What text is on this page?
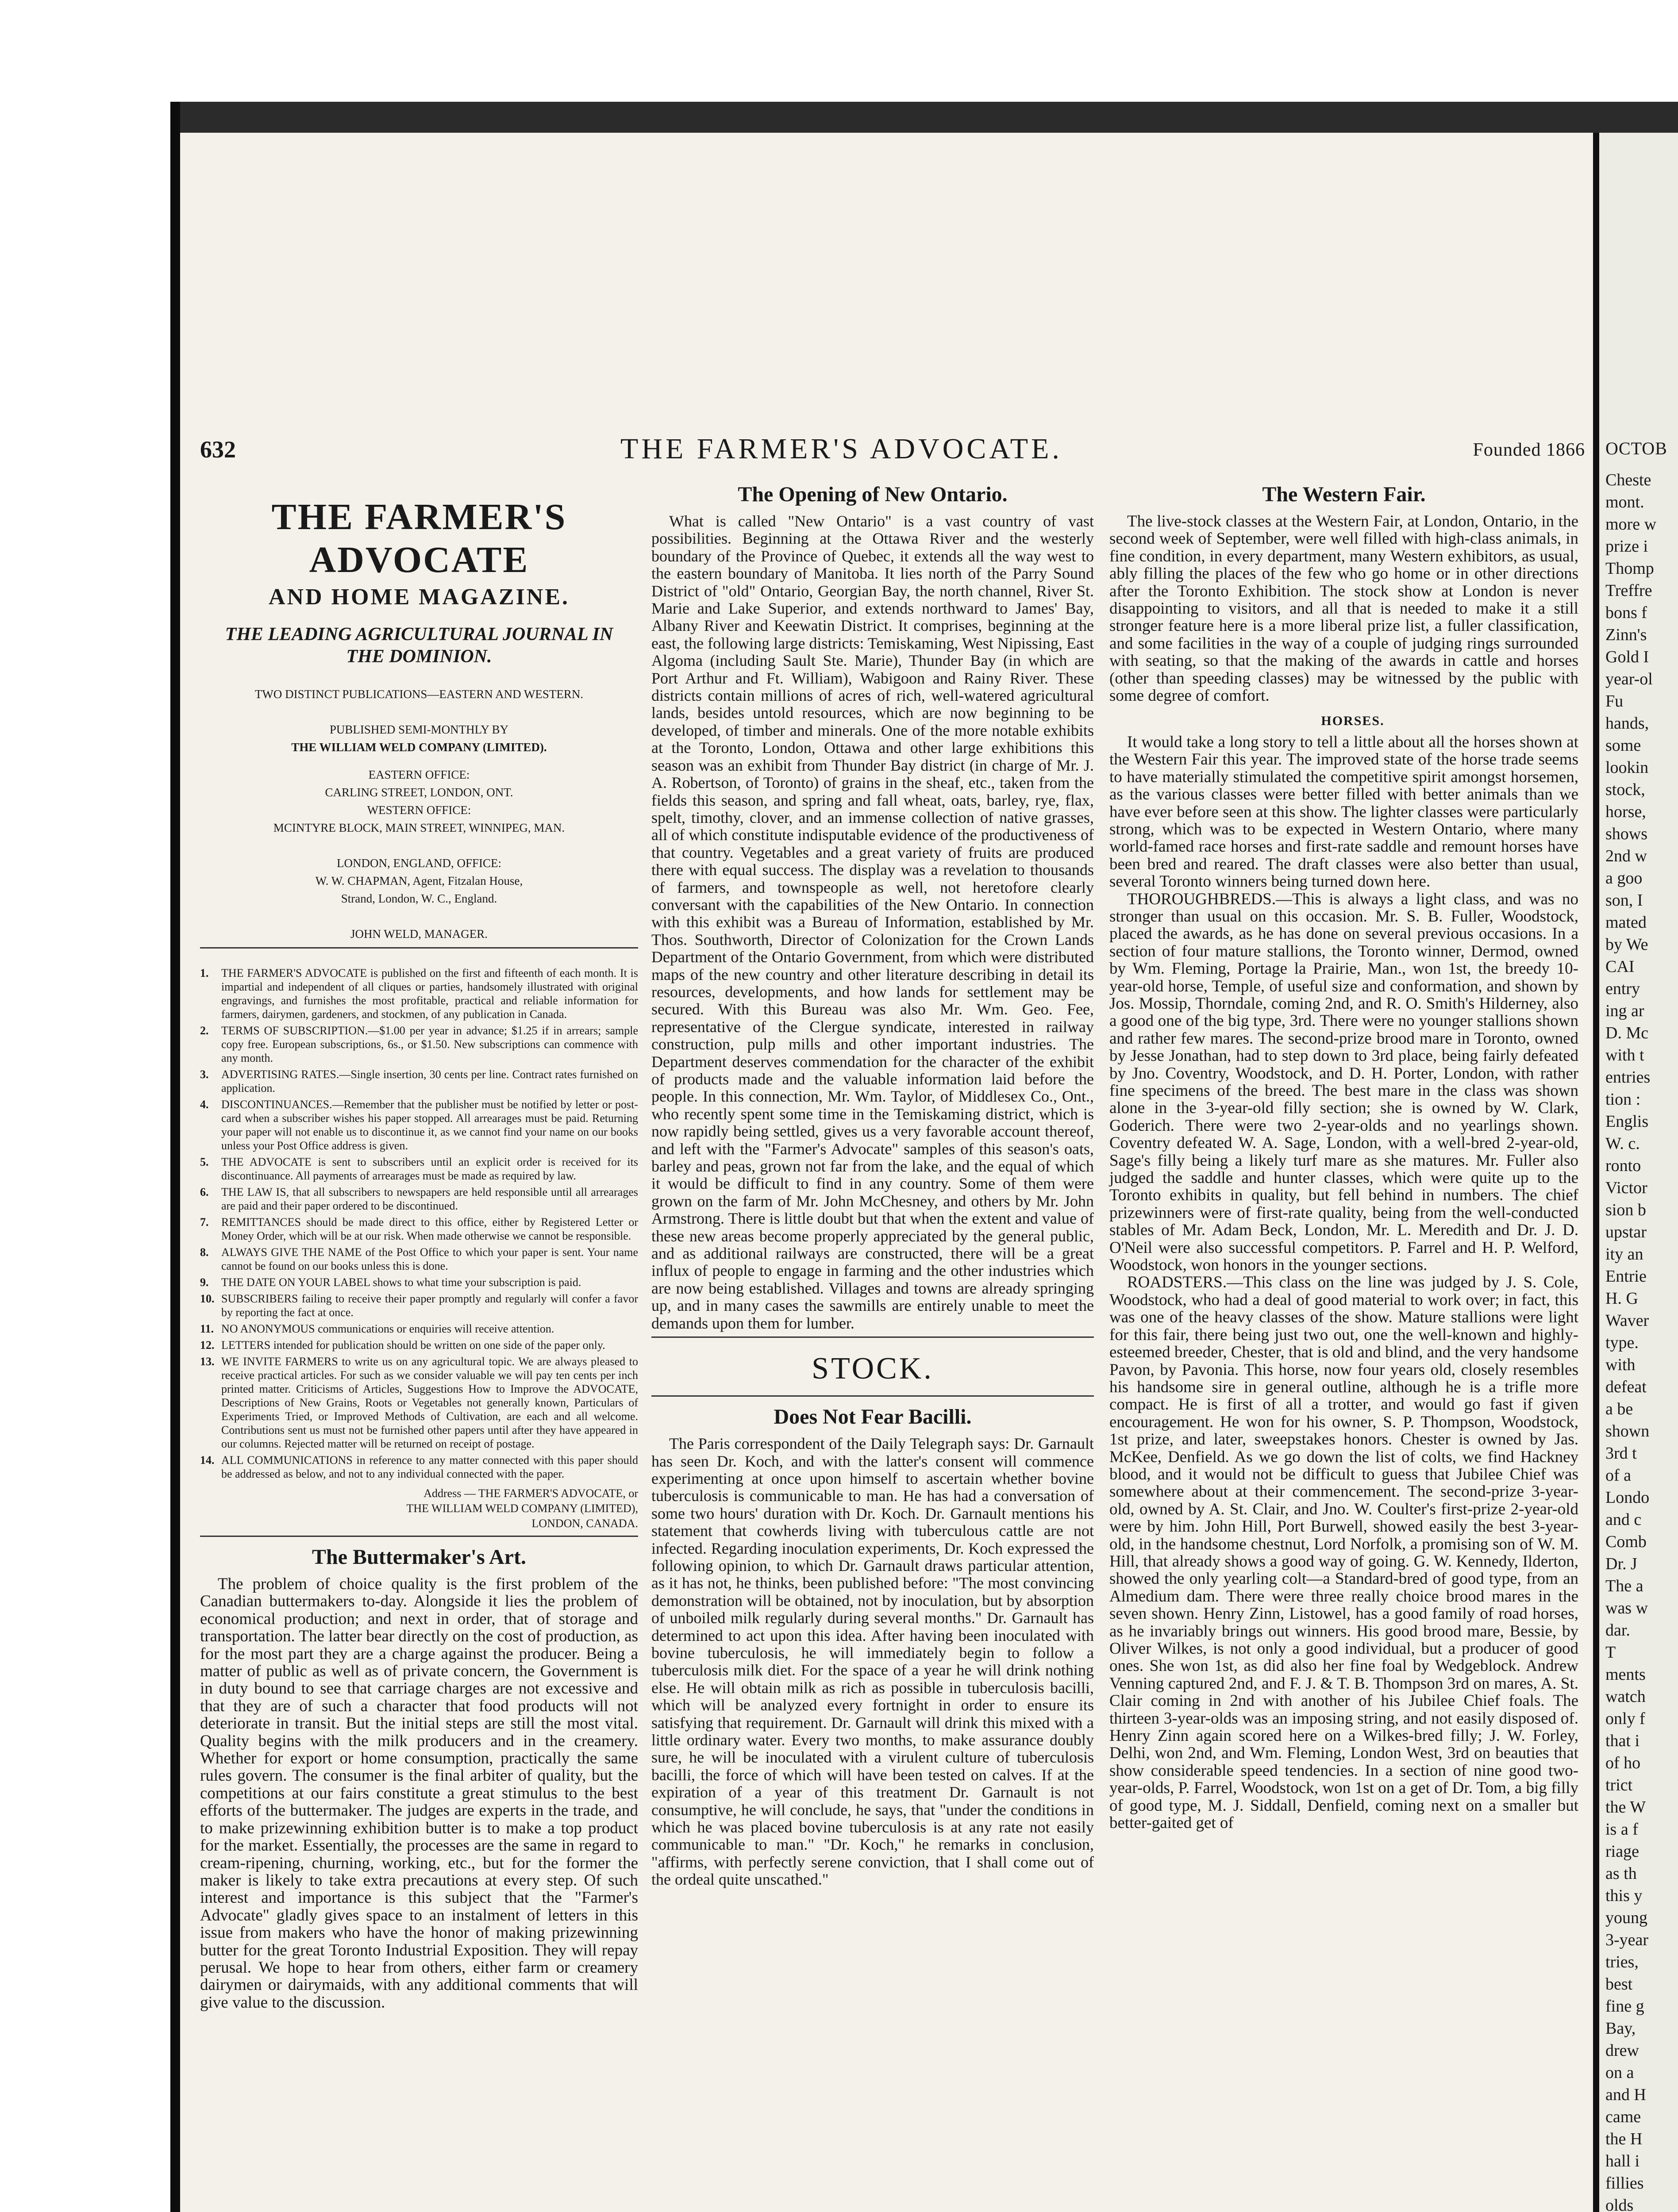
632	THE FARMER'S ADVOCATE.	Founded 1866
THE FARMER'S ADVOCATE
AND HOME MAGAZINE.
THE LEADING AGRICULTURAL JOURNAL IN THE DOMINION.
TWO DISTINCT PUBLICATIONS—EASTERN AND WESTERN.
PUBLISHED SEMI-MONTHLY BY
THE WILLIAM WELD COMPANY (LIMITED).
EASTERN OFFICE:
CARLING STREET, LONDON, ONT.
WESTERN OFFICE:
MCINTYRE BLOCK, MAIN STREET, WINNIPEG, MAN.
LONDON, ENGLAND, OFFICE:
W. W. CHAPMAN, Agent, Fitzalan House,
Strand, London, W. C., England.
JOHN WELD, MANAGER.
1.	THE FARMER'S ADVOCATE is published on the first and fifteenth of each month. It is impartial and independent of all cliques or parties, handsomely illustrated with original engravings, and furnishes the most profitable, practical and reliable information for farmers, dairymen, gardeners, and stockmen, of any publication in Canada.
2.	TERMS OF SUBSCRIPTION.—$1.00 per year in advance; $1.25 if in arrears; sample copy free. European subscriptions, 6s., or $1.50. New subscriptions can commence with any month.
3.	ADVERTISING RATES.—Single insertion, 30 cents per line. Contract rates furnished on application.
4.	DISCONTINUANCES.—Remember that the publisher must be notified by letter or post-card when a subscriber wishes his paper stopped. All arrearages must be paid. Returning your paper will not enable us to discontinue it, as we cannot find your name on our books unless your Post Office address is given.
5.	THE ADVOCATE is sent to subscribers until an explicit order is received for its discontinuance. All payments of arrearages must be made as required by law.
6.	THE LAW IS, that all subscribers to newspapers are held responsible until all arrearages are paid and their paper ordered to be discontinued.
7.	REMITTANCES should be made direct to this office, either by Registered Letter or Money Order, which will be at our risk. When made otherwise we cannot be responsible.
8.	ALWAYS GIVE THE NAME of the Post Office to which your paper is sent. Your name cannot be found on our books unless this is done.
9.	THE DATE ON YOUR LABEL shows to what time your subscription is paid.
10. SUBSCRIBERS failing to receive their paper promptly and regularly will confer a favor by reporting the fact at once.
11. NO ANONYMOUS communications or enquiries will receive attention.
12. LETTERS intended for publication should be written on one side of the paper only.
13. WE INVITE FARMERS to write us on any agricultural topic. We are always pleased to receive practical articles. For such as we consider valuable we will pay ten cents per inch printed matter. Criticisms of Articles, Suggestions How to Improve the ADVOCATE, Descriptions of New Grains, Roots or Vegetables not generally known, Particulars of Experiments Tried, or Improved Methods of Cultivation, are each and all welcome. Contributions sent us must not be furnished other papers until after they have appeared in our columns. Rejected matter will be returned on receipt of postage.
14. ALL COMMUNICATIONS in reference to any matter connected with this paper should be addressed as below, and not to any individual connected with the paper.
Address — THE FARMER'S ADVOCATE, or
THE WILLIAM WELD COMPANY (LIMITED),
LONDON, CANADA.
The Buttermaker's Art.

The problem of choice quality is the first problem of the Canadian buttermakers to-day. Alongside it lies the problem of economical production; and next in order, that of storage and transportation. The latter bear directly on the cost of production, as for the most part they are a charge against the producer. Being a matter of public as well as of private concern, the Government is in duty bound to see that carriage charges are not excessive and that they are of such a character that food products will not deteriorate in transit. But the initial steps are still the most vital. Quality begins with the milk producers and in the creamery. Whether for export or home consumption, practically the same rules govern. The consumer is the final arbiter of quality, but the competitions at our fairs constitute a great stimulus to the best efforts of the buttermaker. The judges are experts in the trade, and to make prizewinning exhibition butter is to make a top product for the market. Essentially, the processes are the same in regard to cream-ripening, churning, working, etc., but for the former the maker is likely to take extra precautions at every step. Of such interest and importance is this subject that the "Farmer's Advocate" gladly gives space to an instalment of letters in this issue from makers who have the honor of making prizewinning butter for the great Toronto Industrial Exposition. They will repay perusal. We hope to hear from others, either farm or creamery dairymen or dairymaids, with any additional comments that will give value to the discussion.

The Opening of New Ontario.

What is called "New Ontario" is a vast country of vast possibilities. Beginning at the Ottawa River and the westerly boundary of the Province of Quebec, it extends all the way west to the eastern boundary of Manitoba. It lies north of the Parry Sound District of "old" Ontario, Georgian Bay, the north channel, River St. Marie and Lake Superior, and extends northward to James' Bay, Albany River and Keewatin District. It comprises, beginning at the east, the following large districts: Temiskaming, West Nipissing, East Algoma (including Sault Ste. Marie), Thunder Bay (in which are Port Arthur and Ft. William), Wabigoon and Rainy River. These districts contain millions of acres of rich, well-watered agricultural lands, besides untold resources, which are now beginning to be developed, of timber and minerals. One of the more notable exhibits at the Toronto, London, Ottawa and other large exhibitions this season was an exhibit from Thunder Bay district (in charge of Mr. J. A. Robertson, of Toronto) of grains in the sheaf, etc., taken from the fields this season, and spring and fall wheat, oats, barley, rye, flax, spelt, timothy, clover, and an immense collection of native grasses, all of which constitute indisputable evidence of the productiveness of that country. Vegetables and a great variety of fruits are produced there with equal success. The display was a revelation to thousands of farmers, and townspeople as well, not heretofore clearly conversant with the capabilities of the New Ontario. In connection with this exhibit was a Bureau of Information, established by Mr. Thos. Southworth, Director of Colonization for the Crown Lands Department of the Ontario Government, from which were distributed maps of the new country and other literature describing in detail its resources, developments, and how lands for settlement may be secured. With this Bureau was also Mr. Wm. Geo. Fee, representative of the Clergue syndicate, interested in railway construction, pulp mills and other important industries. The Department deserves commendation for the character of the exhibit of products made and the valuable information laid before the people. In this connection, Mr. Wm. Taylor, of Middlesex Co., Ont., who recently spent some time in the Temiskaming district, which is now rapidly being settled, gives us a very favorable account thereof, and left with the "Farmer's Advocate" samples of this season's oats, barley and peas, grown not far from the lake, and the equal of which it would be difficult to find in any country. Some of them were grown on the farm of Mr. John McChesney, and others by Mr. John Armstrong. There is little doubt but that when the extent and value of these new areas become properly appreciated by the general public, and as additional railways are constructed, there will be a great influx of people to engage in farming and the other industries which are now being established. Villages and towns are already springing up, and in many cases the sawmills are entirely unable to meet the demands upon them for lumber.

STOCK.
Does Not Fear Bacilli.

The Paris correspondent of the Daily Telegraph says: Dr. Garnault has seen Dr. Koch, and with the latter's consent will commence experimenting at once upon himself to ascertain whether bovine tuberculosis is communicable to man. He has had a conversation of some two hours' duration with Dr. Koch. Dr. Garnault mentions his statement that cowherds living with tuberculous cattle are not infected. Regarding inoculation experiments, Dr. Koch expressed the following opinion, to which Dr. Garnault draws particular attention, as it has not, he thinks, been published before: "The most convincing demonstration will be obtained, not by inoculation, but by absorption of unboiled milk regularly during several months." Dr. Garnault has determined to act upon this idea. After having been inoculated with bovine tuberculosis, he will immediately begin to follow a tuberculosis milk diet. For the space of a year he will drink nothing else. He will obtain milk as rich as possible in tuberculosis bacilli, which will be analyzed every fortnight in order to ensure its satisfying that requirement. Dr. Garnault will drink this mixed with a little ordinary water. Every two months, to make assurance doubly sure, he will be inoculated with a virulent culture of tuberculosis bacilli, the force of which will have been tested on calves. If at the expiration of a year of this treatment Dr. Garnault is not consumptive, he will conclude, he says, that "under the conditions in which he was placed bovine tuberculosis is at any rate not easily communicable to man." "Dr. Koch," he remarks in conclusion, "affirms, with perfectly serene conviction, that I shall come out of the ordeal quite unscathed."

The Western Fair.

The live-stock classes at the Western Fair, at London, Ontario, in the second week of September, were well filled with high-class animals, in fine condition, in every department, many Western exhibitors, as usual, ably filling the places of the few who go home or in other directions after the Toronto Exhibition. The stock show at London is never disappointing to visitors, and all that is needed to make it a still stronger feature here is a more liberal prize list, a fuller classification, and some facilities in the way of a couple of judging rings surrounded with seating, so that the making of the awards in cattle and horses (other than speeding classes) may be witnessed by the public with some degree of comfort.

HORSES.

It would take a long story to tell a little about all the horses shown at the Western Fair this year. The improved state of the horse trade seems to have materially stimulated the competitive spirit amongst horsemen, as the various classes were better filled with better animals than we have ever before seen at this show. The lighter classes were particularly strong, which was to be expected in Western Ontario, where many world-famed race horses and first-rate saddle and remount horses have been bred and reared. The draft classes were also better than usual, several Toronto winners being turned down here.

THOROUGHBREDS.—This is always a light class, and was no stronger than usual on this occasion. Mr. S. B. Fuller, Woodstock, placed the awards, as he has done on several previous occasions. In a section of four mature stallions, the Toronto winner, Dermod, owned by Wm. Fleming, Portage la Prairie, Man., won 1st, the breedy 10-year-old horse, Temple, of useful size and conformation, and shown by Jos. Mossip, Thorndale, coming 2nd, and R. O. Smith's Hilderney, also a good one of the big type, 3rd. There were no younger stallions shown and rather few mares. The second-prize brood mare in Toronto, owned by Jesse Jonathan, had to step down to 3rd place, being fairly defeated by Jno. Coventry, Woodstock, and D. H. Porter, London, with rather fine specimens of the breed. The best mare in the class was shown alone in the 3-year-old filly section; she is owned by W. Clark, Goderich. There were two 2-year-olds and no yearlings shown. Coventry defeated W. A. Sage, London, with a well-bred 2-year-old, Sage's filly being a likely turf mare as she matures. Mr. Fuller also judged the saddle and hunter classes, which were quite up to the Toronto exhibits in quality, but fell behind in numbers. The chief prizewinners were of first-rate quality, being from the well-conducted stables of Mr. Adam Beck, London, Mr. L. Meredith and Dr. J. D. O'Neil were also successful competitors. P. Farrel and H. P. Welford, Woodstock, won honors in the younger sections.

ROADSTERS.—This class on the line was judged by J. S. Cole, Woodstock, who had a deal of good material to work over; in fact, this was one of the heavy classes of the show. Mature stallions were light for this fair, there being just two out, one the well-known and highly-esteemed breeder, Chester, that is old and blind, and the very handsome Pavon, by Pavonia. This horse, now four years old, closely resembles his handsome sire in general outline, although he is a trifle more compact. He is first of all a trotter, and would go fast if given encouragement. He won for his owner, S. P. Thompson, Woodstock, 1st prize, and later, sweepstakes honors. Chester is owned by Jas. McKee, Denfield. As we go down the list of colts, we find Hackney blood, and it would not be difficult to guess that Jubilee Chief was somewhere about at their commencement. The second-prize 3-year-old, owned by A. St. Clair, and Jno. W. Coulter's first-prize 2-year-old were by him. John Hill, Port Burwell, showed easily the best 3-year-old, in the handsome chestnut, Lord Norfolk, a promising son of W. M. Hill, that already shows a good way of going. G. W. Kennedy, Ilderton, showed the only yearling colt—a Standard-bred of good type, from an Almedium dam. There were three really choice brood mares in the seven shown. Henry Zinn, Listowel, has a good family of road horses, as he invariably brings out winners. His good brood mare, Bessie, by Oliver Wilkes, is not only a good individual, but a producer of good ones. She won 1st, as did also her fine foal by Wedgeblock. Andrew Venning captured 2nd, and F. J. & T. B. Thompson 3rd on mares, A. St. Clair coming in 2nd with another of his Jubilee Chief foals. The thirteen 3-year-olds was an imposing string, and not easily disposed of. Henry Zinn again scored here on a Wilkes-bred filly; J. W. Forley, Delhi, won 2nd, and Wm. Fleming, London West, 3rd on beauties that show considerable speed tendencies. In a section of nine good two-year-olds, P. Farrel, Woodstock, won 1st on a get of Dr. Tom, a big filly of good type, M. J. Siddall, Denfield, coming next on a smaller but better-gaited get of

OCTOB
Cheste
mont.
more w
prize i
Thomp
Treffre
bons f
Zinn's
Gold I
year-ol
Fu
hands,
some
lookin
stock,
horse,
shows
2nd w
a goo
son, I
mated
by We
CAI
entry
ing ar
D. Mc
with t
entries
tion :
Englis
W. c.
ronto
Victor
sion b
upstar
ity an
Entrie
H. G
Waver
type.
with
defeat
a be
shown
3rd t
of a
Londo
and c
Comb
Dr. J
The a
was w
dar.
T
ments
watch
only f
that i
of ho
trict
the W
is a f
riage
as th
this y
young
3-year
tries,
best
fine g
Bay,
drew
on a
and H
came
the H
hall i
fillies
olds
